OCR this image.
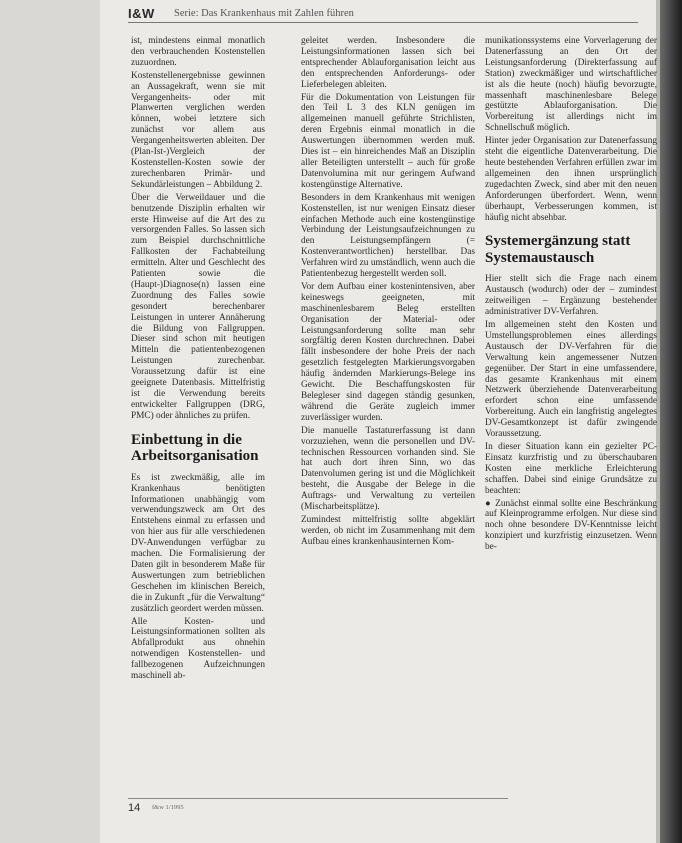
I&W Serie: Das Krankenhaus mit Zahlen führen

ist, mindestens einmal monatlich den verbrauchenden Kostenstellen zuzuordnen.

Kostenstellenergebnisse gewinnen an Aussagekraft, wenn sie mit Vergangenheits- oder mit Planwerten verglichen werden können, wobei letztere sich zunächst vor allem aus Vergangenheitswerten ableiten. Der (Plan-Ist-)Vergleich der Kostenstellen-Kosten sowie der zurechenbaren Primär- und Sekundärleistungen – Abbildung 2.

Über die Verweildauer und die benutzende Disziplin erhalten wir erste Hinweise auf die Art des zu versorgenden Falles. So lassen sich zum Beispiel durchschnittliche Fallkosten der Fachabteilung ermitteln. Alter und Geschlecht des Patienten sowie die (Haupt-)Diagnose(n) lassen eine Zuordnung des Falles sowie gesondert berechenbarer Leistungen in unterer Annäherung die Bildung von Fallgruppen. Dieser sind schon mit heutigen Mitteln die patientenbezogenen Leistungen zurechenbar. Voraussetzung dafür ist eine geeignete Datenbasis. Mittelfristig ist die Verwendung bereits entwickelter Fallgruppen (DRG, PMC) oder ähnliches zu prüfen.

Einbettung in die Arbeitsorganisation

Es ist zweckmäßig, alle im Krankenhaus benötigten Informationen unabhängig vom verwendungszweck am Ort des Entstehens einmal zu erfassen und von hier aus für alle verschiedenen DV-Anwendungen verfügbar zu machen. Die Formalisierung der Daten gilt in besonderem Maße für Auswertungen zum betrieblichen Geschehen im klinischen Bereich, die in Zukunft „für die Verwaltung“ zusätzlich geordert werden müssen.

Alle Kosten- und Leistungsinformationen sollten als Abfallprodukt aus ohnehin notwendigen Kostenstellen- und fallbezogenen Aufzeichnungen maschinell ab-

geleitet werden. Insbesondere die Leistungsinformationen lassen sich bei entsprechender Ablauforganisation leicht aus den entsprechenden Anforderungs- oder Lieferbelegen ableiten.

Für die Dokumentation von Leistungen für den Teil L 3 des KLN genügen im allgemeinen manuell geführte Strichlisten, deren Ergebnis einmal monatlich in die Auswertungen übernommen werden muß. Dies ist – ein hinreichendes Maß an Disziplin aller Beteiligten unterstellt – auch für große Datenvolumina mit nur geringem Aufwand kostengünstige Alternative.

Besonders in dem Krankenhaus mit wenigen Kostenstellen, ist nur wenigen Einsatz dieser einfachen Methode auch eine kostengünstige Verbindung der Leistungsaufzeichnungen zu den Leistungsempfängern (= Kostenverantwortlichen) herstellbar. Das Verfahren wird zu umständlich, wenn auch die Patientenbezug hergestellt werden soll.

Vor dem Aufbau einer kostenintensiven, aber keineswegs geeigneten, mit maschinenlesbarem Beleg erstellten Organisation der Material- oder Leistungsanforderung sollte man sehr sorgfältig deren Kosten durchrechnen. Dabei fällt insbesondere der hohe Preis der nach gesetzlich festgelegten Markierungsvorgaben häufig ändernden Markierungs-Belege ins Gewicht. Die Beschaffungskosten für Belegleser sind dagegen ständig gesunken, während die Geräte zugleich immer zuverlässiger wurden.

Die manuelle Tastaturerfassung ist dann vorzuziehen, wenn die personellen und DV-technischen Ressourcen vorhanden sind. Sie hat auch dort ihren Sinn, wo das Datenvolumen gering ist und die Möglichkeit besteht, die Ausgabe der Belege in die Auftrags- und Verwaltung zu verteilen (Mischarbeitsplätze).

Zumindest mittelfristig sollte abgeklärt werden, ob nicht im Zusammenhang mit dem Aufbau eines krankenhausinternen Kom-

munikationssystems eine Vorverlagerung der Datenerfassung an den Ort der Leistungsanforderung (Direkterfassung auf Station) zweckmäßiger und wirtschaftlicher ist als die heute (noch) häufig bevorzugte, massenhaft maschinenlesbare Belege gestützte Ablauforganisation. Die Vorbereitung ist allerdings nicht im Schnellschuß möglich.

Hinter jeder Organisation zur Datenerfassung steht die eigentliche Datenverarbeitung. Die heute bestehenden Verfahren erfüllen zwar im allgemeinen den ihnen ursprünglich zugedachten Zweck, sind aber mit den neuen Anforderungen überfordert. Wenn, wenn überhaupt, Verbesserungen kommen, ist häufig nicht absehbar.

Systemergänzung statt Systemaustausch

Hier stellt sich die Frage nach einem Austausch (wodurch) oder der – zumindest zeitweiligen – Ergänzung bestehender administrativer DV-Verfahren.

Im allgemeinen steht den Kosten und Umstellungsproblemen eines allerdings Austausch der DV-Verfahren für die Verwaltung kein angemessener Nutzen gegenüber. Der Start in eine umfassendere, das gesamte Krankenhaus mit einem Netzwerk überziehende Datenverarbeitung erfordert schon eine umfassende Vorbereitung. Auch ein langfristig angelegtes DV-Gesamtkonzept ist dafür zwingende Voraussetzung.

In dieser Situation kann ein gezielter PC-Einsatz kurzfristig und zu überschaubaren Kosten eine merkliche Erleichterung schaffen. Dabei sind einige Grundsätze zu beachten:

● Zunächst einmal sollte eine Beschränkung auf Kleinprogramme erfolgen. Nur diese sind noch ohne besondere DV-Kenntnisse leicht konzipiert und kurzfristig einzusetzen. Wenn be-

14 f&w 1/1995
